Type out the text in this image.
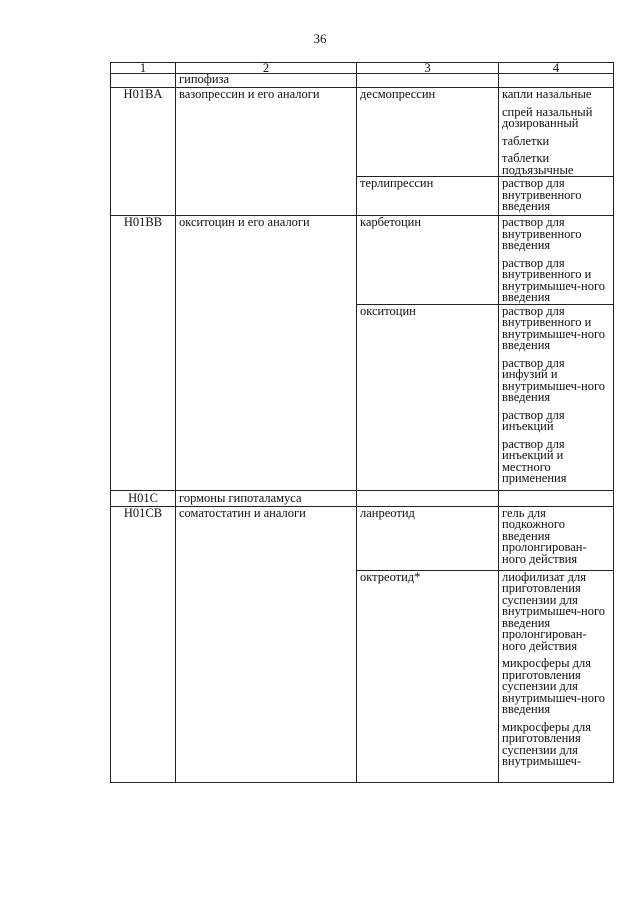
36
1	2	3	4
	гипофиза		
H01BA	вазопрессин и его аналоги	десмопрессин	капли назальные
спрей назальный дозированный
таблетки
таблетки подъязычные

		терлипрессин	раствор для внутривенного введения

H01BB	окситоцин и его аналоги	карбетоцин	раствор для внутривенного введения
раствор для внутривенного и внутримышеч-ного введения

		окситоцин	раствор для внутривенного и внутримышеч-ного введения
раствор для инфузий и внутримышеч-ного введения
раствор для инъекций
раствор для инъекций и местного применения

H01C	гормоны гипоталамуса		
H01CB	соматостатин и аналоги	ланреотид	гель для подкожного введения пролонгирован-ного действия

		октреотид*	лиофилизат для приготовления суспензии для внутримышеч-ного введения пролонгирован-ного действия
микросферы для приготовления суспензии для внутримышеч-ного введения
микросферы для приготовления суспензии для внутримышеч-
